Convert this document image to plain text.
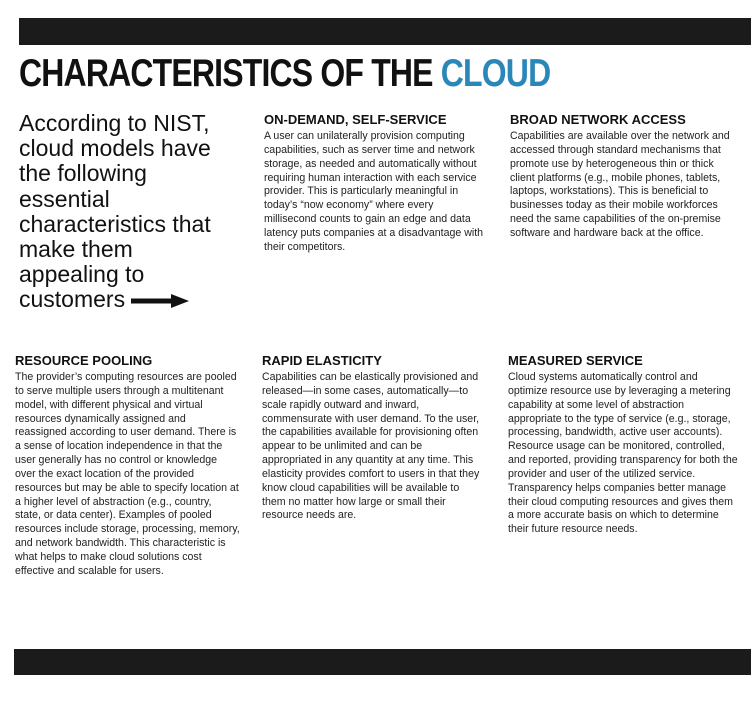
CHARACTERISTICS OF THE CLOUD

According to NIST, cloud models have the following essential characteristics that make them appealing to customers

ON-DEMAND, SELF-SERVICE

A user can unilaterally provision computing capabilities, such as server time and network storage, as needed and automatically without requiring human interaction with each service provider. This is particularly meaningful in today’s “now economy” where every millisecond counts to gain an edge and data latency puts companies at a disadvantage with their competitors.

BROAD NETWORK ACCESS

Capabilities are available over the network and accessed through standard mechanisms that promote use by heterogeneous thin or thick client platforms (e.g., mobile phones, tablets, laptops, workstations). This is beneficial to businesses today as their mobile workforces need the same capabilities of the on-premise software and hardware back at the office.

RESOURCE POOLING

The provider’s computing resources are pooled to serve multiple users through a multitenant model, with different physical and virtual resources dynamically assigned and reassigned according to user demand. There is a sense of location independence in that the user generally has no control or knowledge over the exact location of the provided resources but may be able to specify location at a higher level of abstraction (e.g., country, state, or data center). Examples of pooled resources include storage, processing, memory, and network bandwidth. This characteristic is what helps to make cloud solutions cost effective and scalable for users.

RAPID ELASTICITY

Capabilities can be elastically provisioned and released—in some cases, automatically—to scale rapidly outward and inward, commensurate with user demand. To the user, the capabilities available for provisioning often appear to be unlimited and can be appropriated in any quantity at any time. This elasticity provides comfort to users in that they know cloud capabilities will be available to them no matter how large or small their resource needs are.

MEASURED SERVICE

Cloud systems automatically control and optimize resource use by leveraging a metering capability at some level of abstraction appropriate to the type of service (e.g., storage, processing, bandwidth, active user accounts). Resource usage can be monitored, controlled, and reported, providing transparency for both the provider and user of the utilized service. Transparency helps companies better manage their cloud computing resources and gives them a more accurate basis on which to determine their future resource needs.
